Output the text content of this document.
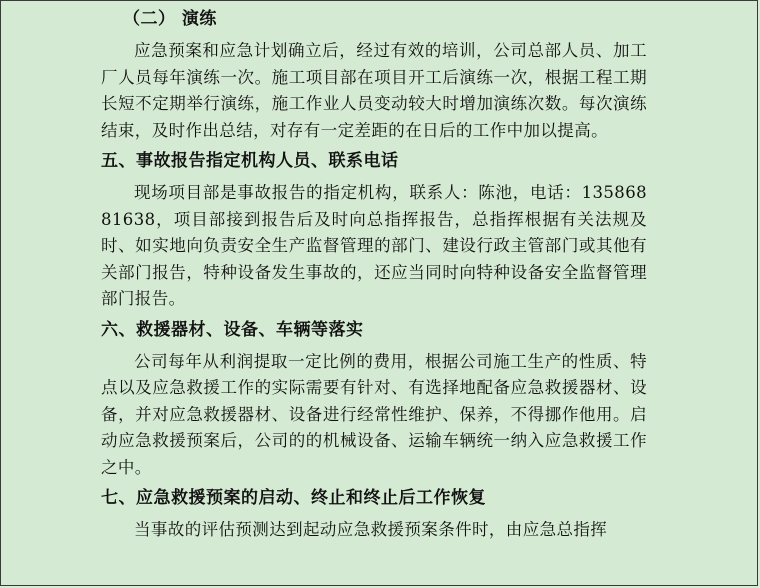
（二） 演练

应急预案和应急计划确立后，经过有效的培训，公司总部人员、加工厂人员每年演练一次。施工项目部在项目开工后演练一次，根据工程工期长短不定期举行演练，施工作业人员变动较大时增加演练次数。每次演练结束，及时作出总结，对存有一定差距的在日后的工作中加以提高。

五、事故报告指定机构人员、联系电话

现场项目部是事故报告的指定机构，联系人：陈池，电话：13586881638，项目部接到报告后及时向总指挥报告，总指挥根据有关法规及时、如实地向负责安全生产监督管理的部门、建设行政主管部门或其他有关部门报告，特种设备发生事故的，还应当同时向特种设备安全监督管理部门报告。

六、救援器材、设备、车辆等落实

公司每年从利润提取一定比例的费用，根据公司施工生产的性质、特点以及应急救援工作的实际需要有针对、有选择地配备应急救援器材、设备，并对应急救援器材、设备进行经常性维护、保养，不得挪作他用。启动应急救援预案后，公司的的机械设备、运输车辆统一纳入应急救援工作之中。

七、应急救援预案的启动、终止和终止后工作恢复

当事故的评估预测达到起动应急救援预案条件时，由应急总指挥
